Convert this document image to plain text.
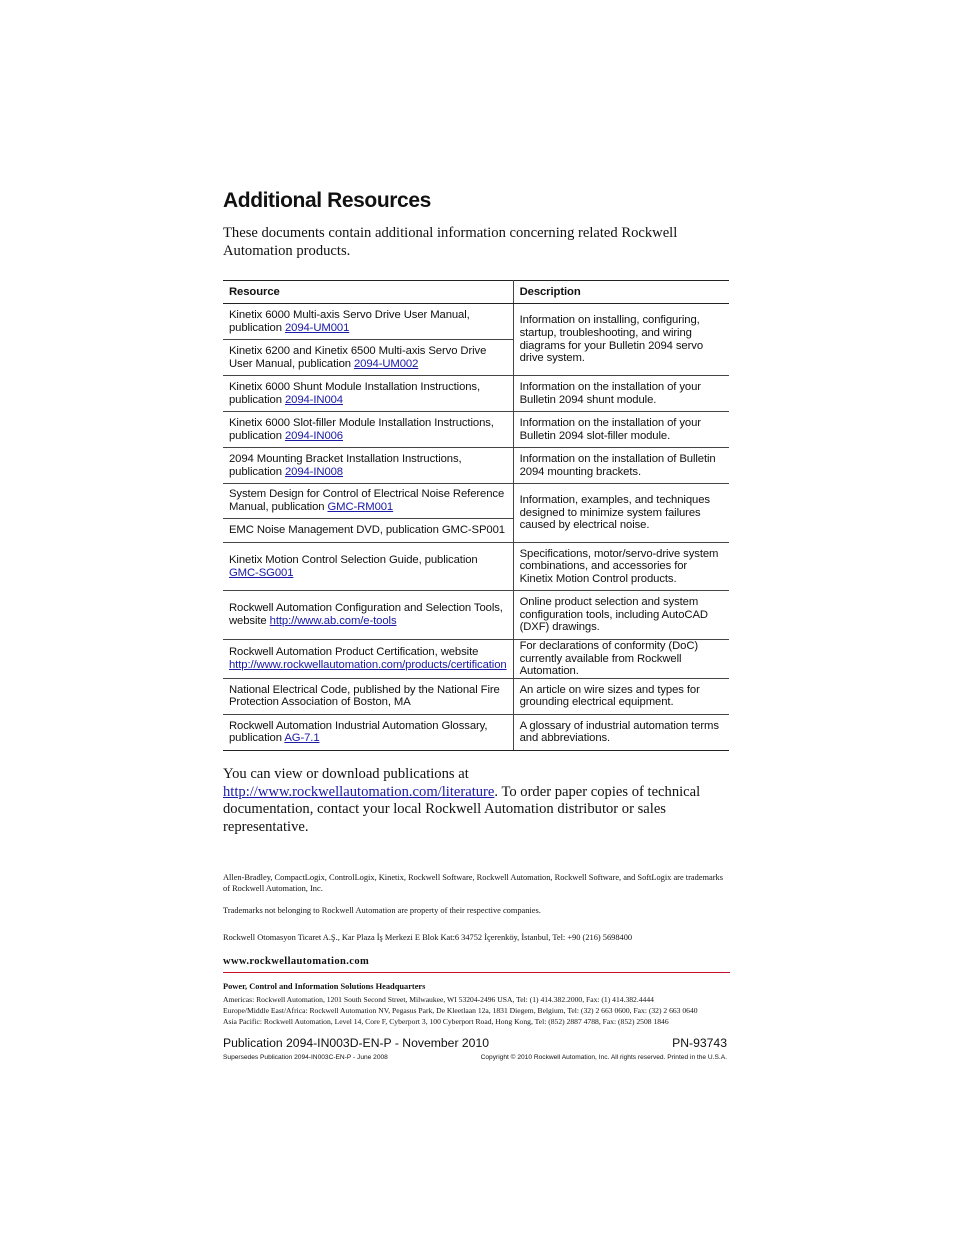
Additional Resources

These documents contain additional information concerning related Rockwell Automation products.

Resource	Description
Kinetix 6000 Multi-axis Servo Drive User Manual, publication 2094-UM001	Information on installing, configuring, startup, troubleshooting, and wiring diagrams for your Bulletin 2094 servo drive system.
Kinetix 6200 and Kinetix 6500 Multi-axis Servo Drive User Manual, publication 2094-UM002	
Kinetix 6000 Shunt Module Installation Instructions, publication 2094-IN004	Information on the installation of your Bulletin 2094 shunt module.
Kinetix 6000 Slot-filler Module Installation Instructions, publication 2094-IN006	Information on the installation of your Bulletin 2094 slot-filler module.
2094 Mounting Bracket Installation Instructions, publication 2094-IN008	Information on the installation of Bulletin 2094 mounting brackets.
System Design for Control of Electrical Noise Reference Manual, publication GMC-RM001	Information, examples, and techniques designed to minimize system failures caused by electrical noise.
EMC Noise Management DVD, publication GMC-SP001	
Kinetix Motion Control Selection Guide, publication GMC-SG001	Specifications, motor/servo-drive system combinations, and accessories for Kinetix Motion Control products.
Rockwell Automation Configuration and Selection Tools, website http://www.ab.com/e-tools	Online product selection and system configuration tools, including AutoCAD (DXF) drawings.
Rockwell Automation Product Certification, website http://www.rockwellautomation.com/products/certification	For declarations of conformity (DoC) currently available from Rockwell Automation.
National Electrical Code, published by the National Fire Protection Association of Boston, MA	An article on wire sizes and types for grounding electrical equipment.
Rockwell Automation Industrial Automation Glossary, publication AG-7.1	A glossary of industrial automation terms and abbreviations.

You can view or download publications at http://www.rockwellautomation.com/literature. To order paper copies of technical documentation, contact your local Rockwell Automation distributor or sales representative.

Allen-Bradley, CompactLogix, ControlLogix, Kinetix, Rockwell Software, Rockwell Automation, Rockwell Software, and SoftLogix are trademarks of Rockwell Automation, Inc.

Trademarks not belonging to Rockwell Automation are property of their respective companies.

Rockwell Otomasyon Ticaret A.Ş., Kar Plaza İş Merkezi E Blok Kat:6 34752 İçerenköy, İstanbul, Tel: +90 (216) 5698400

www.rockwellautomation.com

Power, Control and Information Solutions Headquarters

Americas: Rockwell Automation, 1201 South Second Street, Milwaukee, WI 53204-2496 USA, Tel: (1) 414.382.2000, Fax: (1) 414.382.4444

Europe/Middle East/Africa: Rockwell Automation NV, Pegasus Park, De Kleetlaan 12a, 1831 Diegem, Belgium, Tel: (32) 2 663 0600, Fax: (32) 2 663 0640

Asia Pacific: Rockwell Automation, Level 14, Core F, Cyberport 3, 100 Cyberport Road, Hong Kong, Tel: (852) 2887 4788, Fax: (852) 2508 1846

Publication 2094-IN003D-EN-P - November 2010	PN-93743

Supersedes Publication 2094-IN003C-EN-P - June 2008	Copyright © 2010 Rockwell Automation, Inc. All rights reserved. Printed in the U.S.A.
